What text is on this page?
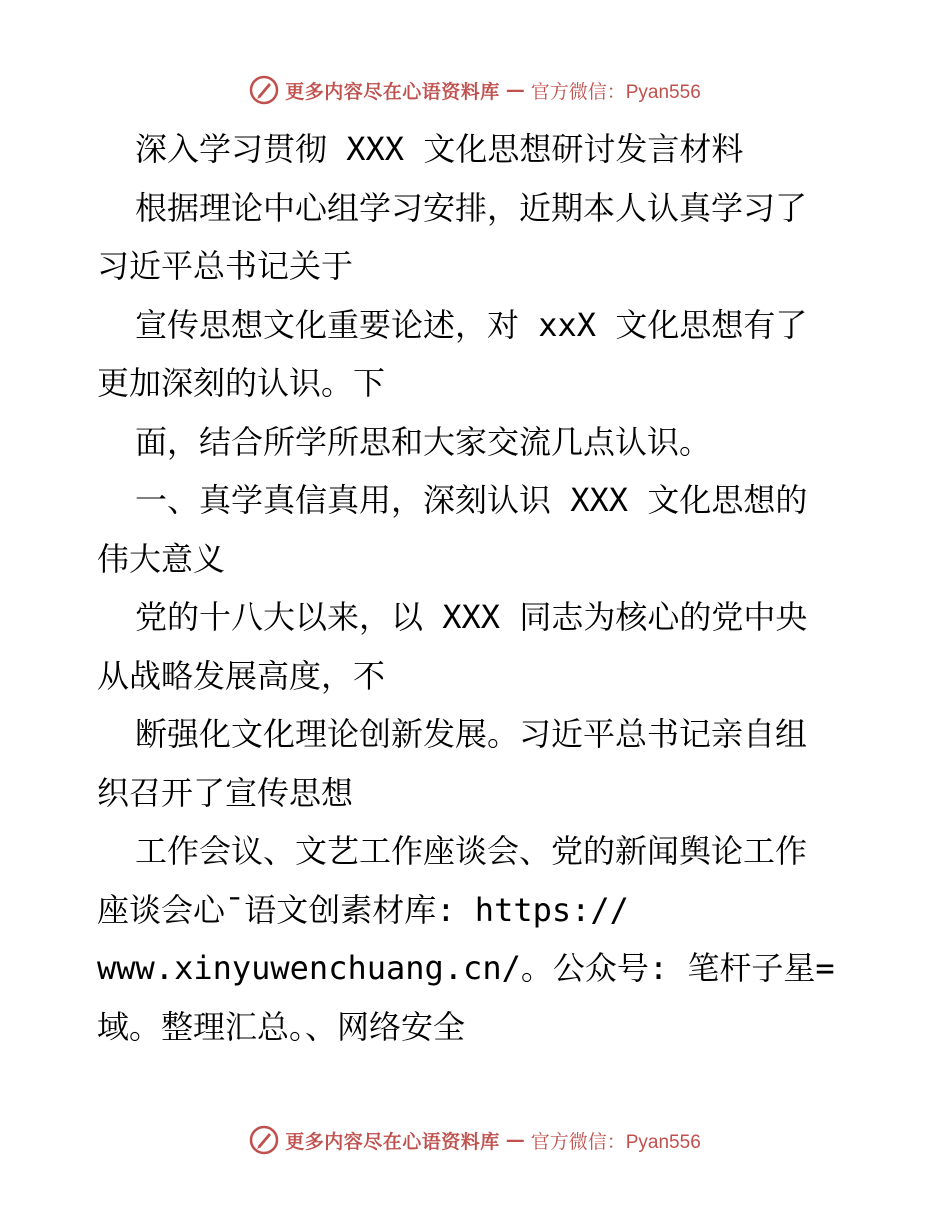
更多内容尽在心语资料库 — 官方微信：Pyan556
深入学习贯彻 XXX 文化思想研讨发言材料
根据理论中心组学习安排，近期本人认真学习了
习近平总书记关于
宣传思想文化重要论述，对 xxX 文化思想有了
更加深刻的认识。下
面，结合所学所思和大家交流几点认识。
一、真学真信真用，深刻认识 XXX 文化思想的
伟大意义
党的十八大以来，以 XXX 同志为核心的党中央
从战略发展高度，不
断强化文化理论创新发展。习近平总书记亲自组
织召开了宣传思想
工作会议、文艺工作座谈会、党的新闻舆论工作
座谈会心¯语文创素材库: https://
www.xinyuwenchuang.cn/。公众号: 笔杆子星=
域。整理汇总。、网络安全
更多内容尽在心语资料库 — 官方微信：Pyan556
